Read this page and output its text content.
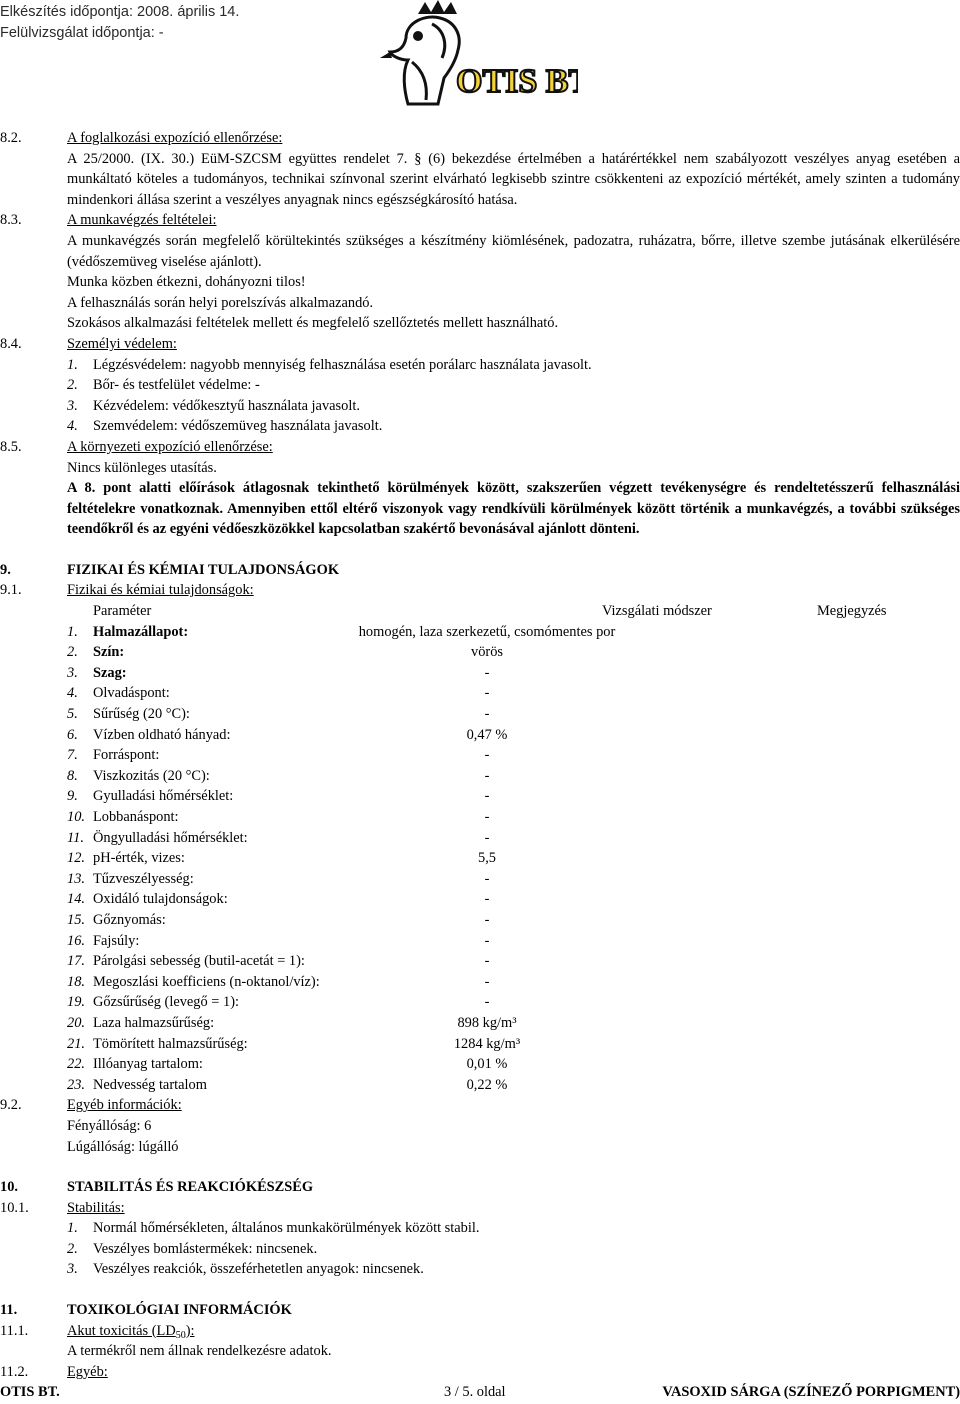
Elkészítés időpontja: 2008. április 14.
Felülvizsgálat időpontja: -
OTIS BT
8.2.	A foglalkozási expozíció ellenőrzése:
A 25/2000. (IX. 30.) EüM-SZCSM együttes rendelet 7. § (6) bekezdése értelmében a határértékkel nem szabályozott veszélyes anyag esetében a munkáltató köteles a tudományos, technikai színvonal szerint elvárható legkisebb szintre csökkenteni az expozíció mértékét, amely szinten a tudomány mindenkori állása szerint a veszélyes anyagnak nincs egészségkárosító hatása.
8.3.	A munkavégzés feltételei:
A munkavégzés során megfelelő körültekintés szükséges a készítmény kiömlésének, padozatra, ruházatra, bőrre, illetve szembe jutásának elkerülésére (védőszemüveg viselése ajánlott).
Munka közben étkezni, dohányozni tilos!
A felhasználás során helyi porelszívás alkalmazandó.
Szokásos alkalmazási feltételek mellett és megfelelő szellőztetés mellett használható.
8.4.	Személyi védelem:
1.	Légzésvédelem: nagyobb mennyiség felhasználása esetén porálarc használata javasolt.
2.	Bőr- és testfelület védelme: -
3.	Kézvédelem: védőkesztyű használata javasolt.
4.	Szemvédelem: védőszemüveg használata javasolt.
8.5.	A környezeti expozíció ellenőrzése:
Nincs különleges utasítás.
A 8. pont alatti előírások átlagosnak tekinthető körülmények között, szakszerűen végzett tevékenységre és rendeltetésszerű felhasználási feltételekre vonatkoznak. Amennyiben ettől eltérő viszonyok vagy rendkívüli körülmények között történik a munkavégzés, a további szükséges teendőkről és az egyéni védőeszközökkel kapcsolatban szakértő bevonásával ajánlott dönteni.
9.	FIZIKAI ÉS KÉMIAI TULAJDONSÁGOK
9.1.	Fizikai és kémiai tulajdonságok:
Paraméter	Vizsgálati módszer	Megjegyzés
1.	Halmazállapot:	homogén, laza szerkezetű, csomómentes por
2.	Szín:	vörös
3.	Szag:	-
4.	Olvadáspont:	-
5.	Sűrűség (20 °C):	-
6.	Vízben oldható hányad:	0,47 %
7.	Forráspont:	-
8.	Viszkozitás (20 °C):	-
9.	Gyulladási hőmérséklet:	-
10. Lobbanáspont:	-
11. Öngyulladási hőmérséklet:	-
12. pH-érték, vizes:	5,5
13. Tűzveszélyesség:	-
14. Oxidáló tulajdonságok:	-
15. Gőznyomás:	-
16. Fajsúly:	-
17. Párolgási sebesség (butil-acetát = 1):	-
18. Megoszlási koefficiens (n-oktanol/víz):	-
19. Gőzsűrűség (levegő = 1):	-
20. Laza halmazsűrűség:	898 kg/m³
21. Tömörített halmazsűrűség:	1284 kg/m³
22. Illóanyag tartalom:	0,01 %
23. Nedvesség tartalom	0,22 %
9.2.	Egyéb információk:
Fényállóság: 6
Lúgállóság: lúgálló
10.	STABILITÁS ÉS REAKCIÓKÉSZSÉG
10.1.	Stabilitás:
1.	Normál hőmérsékleten, általános munkakörülmények között stabil.
2.	Veszélyes bomlástermékek: nincsenek.
3.	Veszélyes reakciók, összeférhetetlen anyagok: nincsenek.
11.	TOXIKOLÓGIAI INFORMÁCIÓK
11.1.	Akut toxicitás $(LD_{50})$:
A termékről nem állnak rendelkezésre adatok.
11.2.	Egyéb:
OTIS BT.	3 / 5. oldal	VASOXID SÁRGA (SZÍNEZŐ PORPIGMENT)
